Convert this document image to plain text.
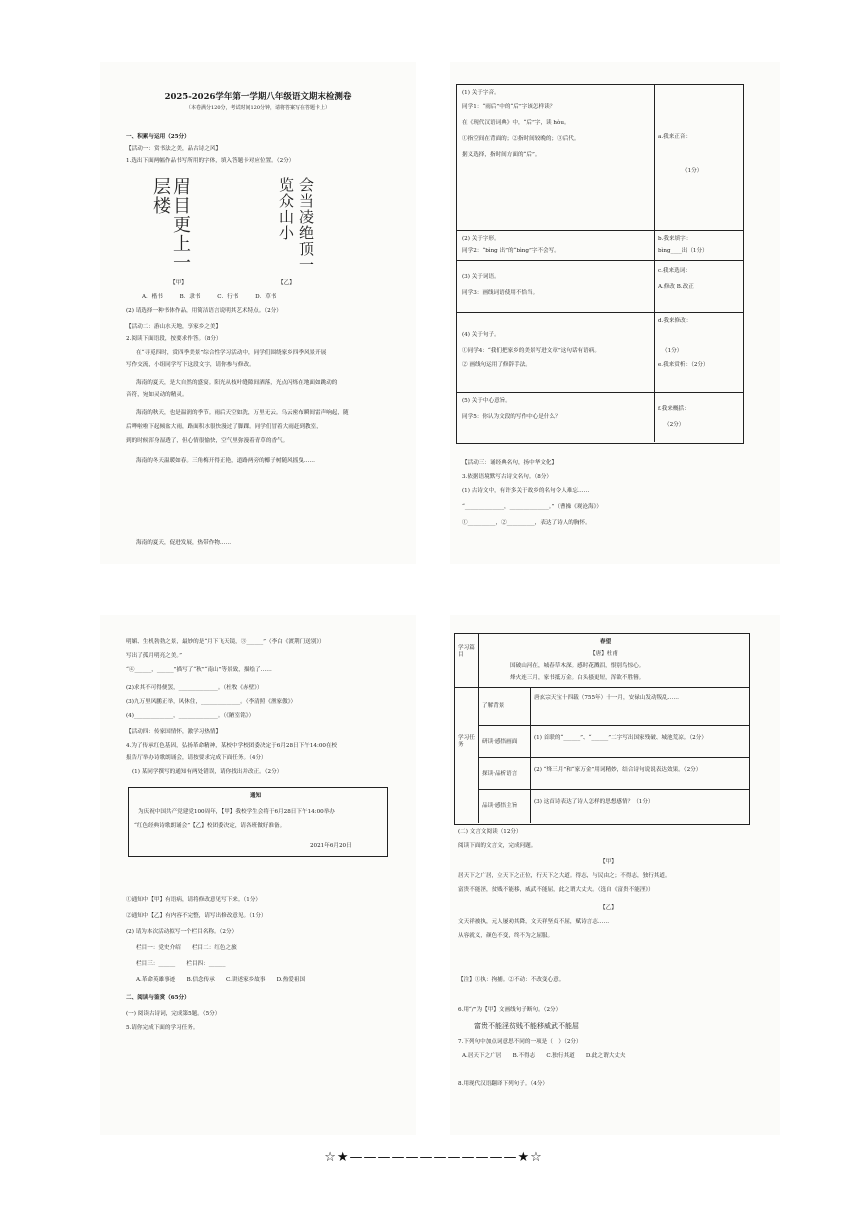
2025-2026学年第一学期八年级语文期末检测卷
（本卷满分120分，考试时间120分钟，请将答案写在答题卡上）
一、积累与运用（25分）
【活动一：赏书法之美，品古诗之风】
1.选出下面两幅作品书写所用的字体，填入答题卡对应位置。（2分）
眉目更上一层楼	会当凌绝顶一览众山小
【甲】	【乙】
A．楷书　　　B．隶书　　　C．行书　　　D．草书
(2) 请选择一种书体作品，用简洁语言说明其艺术特点。（2分）
【活动二：游山水天地，享家乡之美】
2.阅读下面语段，按要求作答。（8分）
在“寻觅四时，赏四季美景”综合性学习活动中，同学们围绕家乡四季风景开展
写作交流，小组同学写下这段文字，请你参与修改。
海南的夏天，是大自然的盛宴。阳光从枝叶缝隙间洒落，光点闪烁在地面如跳动的
音符，宛如灵动的精灵。
海南的秋天，也是温润的季节。雨后天空如洗，万里无云。乌云密布瞬间雷声响起，随
后哗啦啦下起倾盆大雨，路面积水很快漫过了脚踝。同学们冒着大雨赶到教室，
到的时候浑身湿透了，但心情很愉快，空气里弥漫着青草的香气。
海南的冬天温暖如春。三角梅开得正艳，道路两旁的椰子树随风摇曳……
海南的夏天，促进发展，热带作物……
(1) 关于字音。
同学1：“雨后”中的“后”字该怎样读？
在《现代汉语词典》中，“后”字，读 hòu。
①指空间在背面的；②指时间较晚的；③后代。
据义选择，指时间方面的“后”。
a.我来正音：
（1分）
(2) 关于字形。
同学2：“bìng 出”的“bìng”字不会写。
b.我来填字：
bìng____出（1分）
(3) 关于词语。
同学3：画线词语使用不恰当。
c.我来选词：
A.修改 B.改正
(4) 关于句子。
①同学4：“我们把家乡的美景写进文章”这句话有语病。
② 画线句运用了修辞手法。
d.我来修改：
（1分）
e.我来赏析：（2分）
(5) 关于中心意旨。
同学5：你认为文段的写作中心是什么？
f.我来概括：
（2分）
【活动三：诵经典名句，扬中华文化】
3.依据语境默写古诗文名句。（8分）
(1) 古诗文中，有许多关于故乡的名句令人难忘……
“______________，______________。”（曹操《观沧海》）
①__________，②__________，表达了诗人的胸怀。
明媚、生机勃勃之景，最妙的是“月下飞天镜，③______”（李白《渡荆门送别》）
写出了孤月明亮之美。”
“④______，______”描写了“秋”“南山”等景致，描绘了……
(2)求其不可得便罢，______________。（杜牧《赤壁》）
(3)九万里风鹏正举，风休住，______________。（李清照《渔家傲》）
(4)______________，______________。（《陋室铭》）
【活动四：传家国情怀，激学习热情】
4.为了传承红色基因，弘扬革命精神，某校中学校团委决定于6月28日下午14:00在校
报告厅举办诗歌朗诵会，请按要求完成下面任务。（4分）
(1) 某同学撰写的通知有两处错误，请你找出并改正。（2分）
通知
为庆祝中国共产党建党100周年，【甲】我校学生会将于6月28日下午14:00举办
“红色经典诗歌朗诵会”【乙】校团委决定，请各班做好准备。
2021年6月20日
①通知中【甲】有语病，请将修改意见写下来。（1分）
②通知中【乙】有内容不完整，请写出修改意见。（1分）
(2) 请为本次活动拟写一个栏目名称。（2分）
栏目一：党史介绍　　栏目二：红色之旅
栏目三：______　　栏目四：______
A.革命英雄事迹　　B.信念传承　　C.讲述家乡故事　　D.热爱祖国
二、阅读与鉴赏（65分）
(一) 阅读古诗词，完成第5题。（5分）
5.请你完成下面的学习任务。
学习篇目
学习任务
春望
【唐】杜甫
国破山河在，城春草木深。感时花溅泪，恨别鸟惊心。
烽火连三月，家书抵万金。白头搔更短，浑欲不胜簪。
了解背景
唐玄宗天宝十四载（755年）十一月，安禄山发动叛乱……
研读·感悟画面
(1) 首联的“______”、“______”二字写出国家残破、城池荒凉。（2分）
探读·品析语言
(2) “烽三月”和“家万金”用词精妙，结合诗句说说表达效果。（2分）
品读·感悟主旨
(3) 这首诗表达了诗人怎样的思想感情？（1分）
(二) 文言文阅读（12分）
阅读下面的文言文，完成问题。
【甲】
居天下之广居，立天下之正位，行天下之大道。得志，与民由之；不得志，独行其道。
富贵不能淫，贫贱不能移，威武不能屈，此之谓大丈夫。（选自《富贵不能淫》）
【乙】
文天祥被执，元人屡劝其降，文天祥坚贞不屈，赋诗言志……
从容就义，颜色不变，终不为之屈服。
【注】①执：拘捕。②不动：不改变心意。
6.用“/”为【甲】文画线句子断句。（2分）
富贵不能淫贫贱不能移威武不能屈
7.下列句中加点词意思不同的一项是（　）（2分）
A.居天下之广居　　B.不得志　　C.独行其道　　D.此之谓大丈夫
8.用现代汉语翻译下列句子。（4分）
☆★————————————★☆
